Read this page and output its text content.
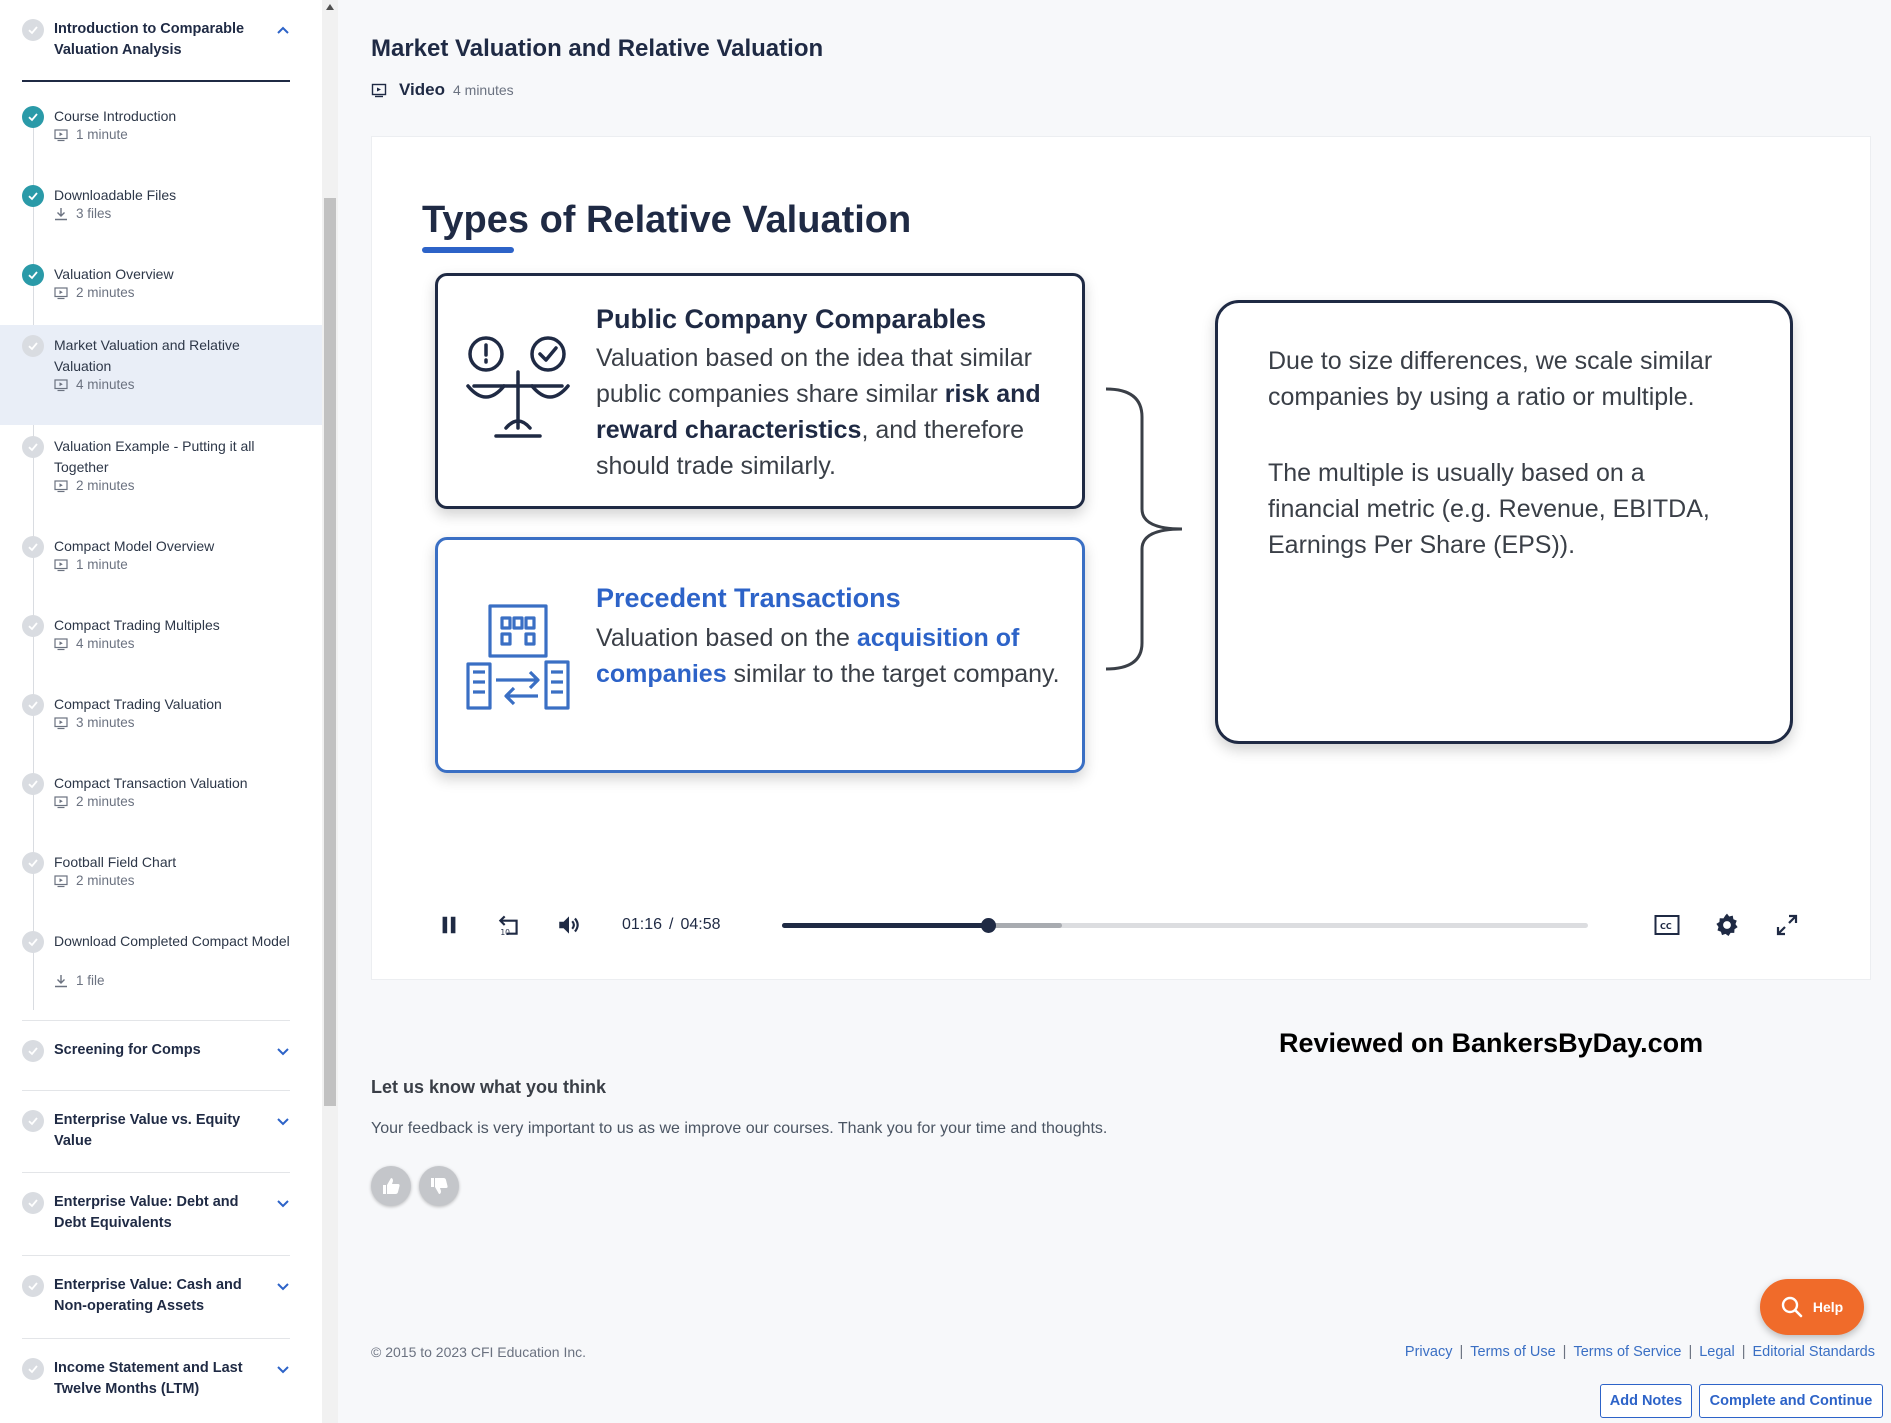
Introduction to Comparable Valuation Analysis
Course Introduction
1 minute
Downloadable Files
3 files
Valuation Overview
2 minutes
Market Valuation and Relative Valuation
4 minutes
Valuation Example - Putting it all Together
2 minutes
Compact Model Overview
1 minute
Compact Trading Multiples
4 minutes
Compact Trading Valuation
3 minutes
Compact Transaction Valuation
2 minutes
Football Field Chart
2 minutes
Download Completed Compact Model
1 file
Screening for Comps
Enterprise Value vs. Equity Value
Enterprise Value: Debt and Debt Equivalents
Enterprise Value: Cash and Non-operating Assets
Income Statement and Last Twelve Months (LTM)
Market Valuation and Relative Valuation
Video 4 minutes
Types of Relative Valuation
Public Company Comparables
Valuation based on the idea that similar public companies share similar risk and reward characteristics, and therefore should trade similarly.
Precedent Transactions
Valuation based on the acquisition of companies similar to the target company.
Due to size differences, we scale similar companies by using a ratio or multiple.
The multiple is usually based on a financial metric (e.g. Revenue, EBITDA, Earnings Per Share (EPS)).
10	01:16 / 04:58	CC
Reviewed on BankersByDay.com
Let us know what you think
Your feedback is very important to us as we improve our courses. Thank you for your time and thoughts.
Help
© 2015 to 2023 CFI Education Inc.	Privacy | Terms of Use | Terms of Service | Legal | Editorial Standards
Add Notes	Complete and Continue
